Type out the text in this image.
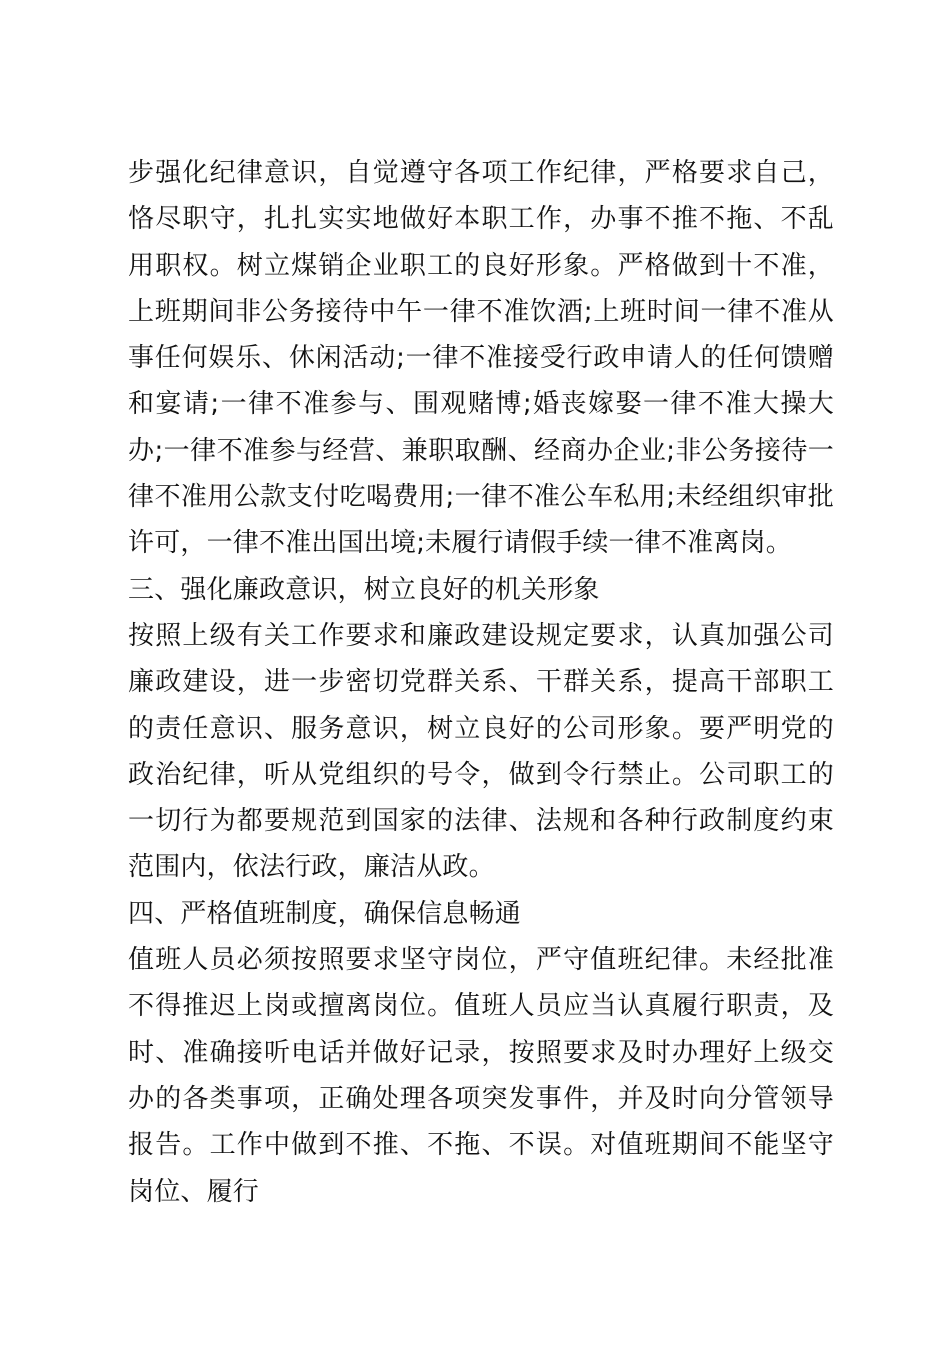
步强化纪律意识，自觉遵守各项工作纪律，严格要求自己，恪尽职守，扎扎实实地做好本职工作，办事不推不拖、不乱用职权。树立煤销企业职工的良好形象。严格做到十不准，上班期间非公务接待中午一律不准饮酒;上班时间一律不准从事任何娱乐、休闲活动;一律不准接受行政申请人的任何馈赠和宴请;一律不准参与、围观赌博;婚丧嫁娶一律不准大操大办;一律不准参与经营、兼职取酬、经商办企业;非公务接待一律不准用公款支付吃喝费用;一律不准公车私用;未经组织审批许可，一律不准出国出境;未履行请假手续一律不准离岗。

三、强化廉政意识，树立良好的机关形象

按照上级有关工作要求和廉政建设规定要求，认真加强公司廉政建设，进一步密切党群关系、干群关系，提高干部职工的责任意识、服务意识，树立良好的公司形象。要严明党的政治纪律，听从党组织的号令，做到令行禁止。公司职工的一切行为都要规范到国家的法律、法规和各种行政制度约束范围内，依法行政，廉洁从政。

四、严格值班制度，确保信息畅通

值班人员必须按照要求坚守岗位，严守值班纪律。未经批准不得推迟上岗或擅离岗位。值班人员应当认真履行职责，及时、准确接听电话并做好记录，按照要求及时办理好上级交办的各类事项，正确处理各项突发事件，并及时向分管领导报告。工作中做到不推、不拖、不误。对值班期间不能坚守岗位、履行
